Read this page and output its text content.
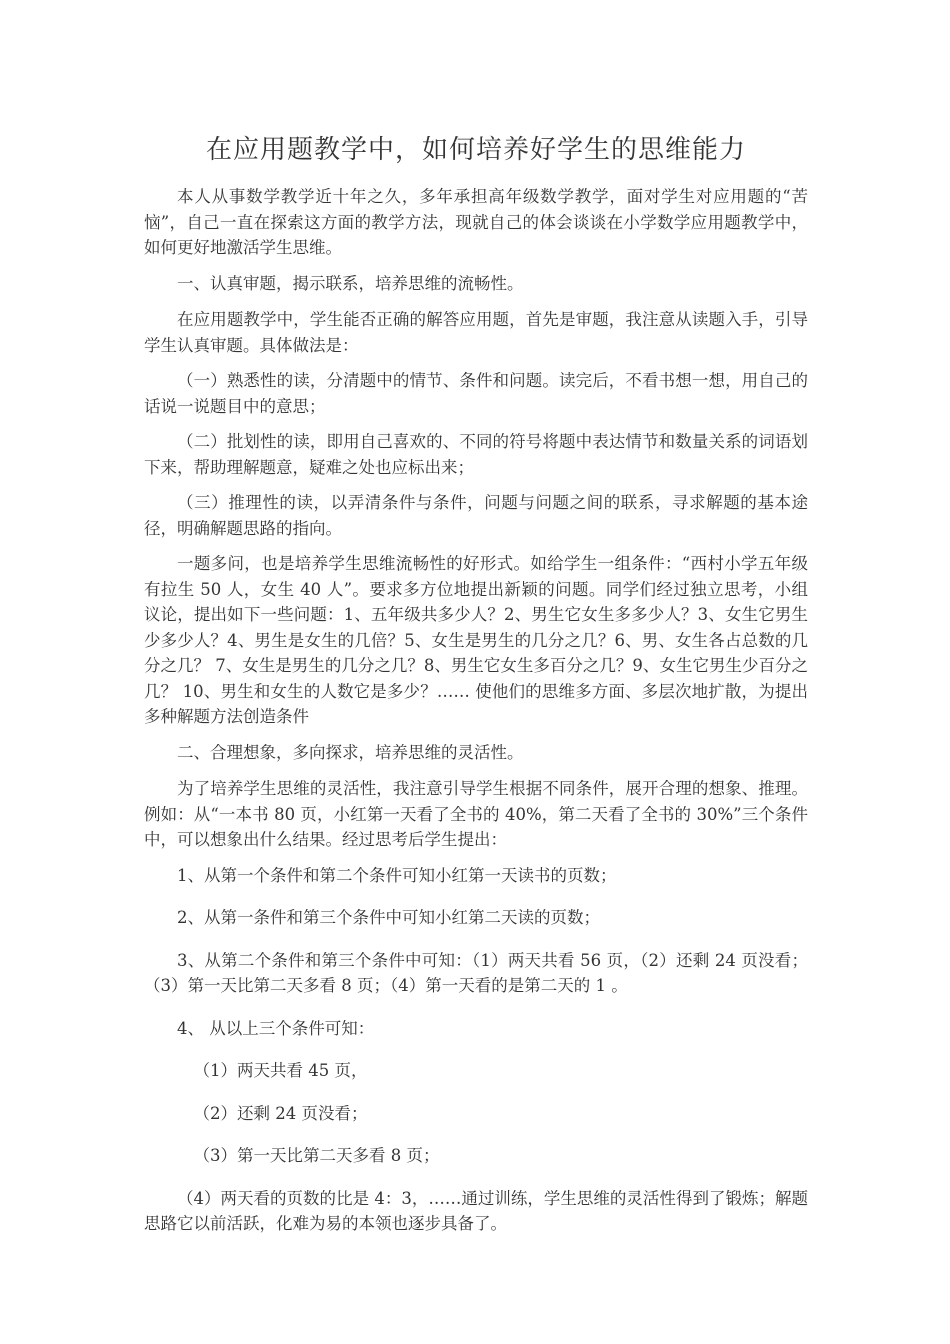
在应用题教学中，如何培养好学生的思维能力

本人从事数学教学近十年之久，多年承担高年级数学教学，面对学生对应用题的“苦恼”，自己一直在探索这方面的教学方法，现就自己的体会谈谈在小学数学应用题教学中，如何更好地激活学生思维。

一、认真审题，揭示联系，培养思维的流畅性。

在应用题教学中，学生能否正确的解答应用题，首先是审题，我注意从读题入手，引导学生认真审题。具体做法是：

（一）熟悉性的读，分清题中的情节、条件和问题。读完后，不看书想一想，用自己的话说一说题目中的意思；

（二）批划性的读，即用自己喜欢的、不同的符号将题中表达情节和数量关系的词语划下来，帮助理解题意，疑难之处也应标出来；

（三）推理性的读，以弄清条件与条件，问题与问题之间的联系，寻求解题的基本途径，明确解题思路的指向。

一题多问，也是培养学生思维流畅性的好形式。如给学生一组条件：“西村小学五年级有拉生 50 人，女生 40 人”。要求多方位地提出新颖的问题。同学们经过独立思考，小组议论，提出如下一些问题：1、五年级共多少人？2、男生它女生多多少人？3、女生它男生少多少人？4、男生是女生的几倍？5、女生是男生的几分之几？6、男、女生各占总数的几分之几？ 7、女生是男生的几分之几？8、男生它女生多百分之几？9、女生它男生少百分之几？ 10、男生和女生的人数它是多少？…… 使他们的思维多方面、多层次地扩散，为提出多种解题方法创造条件

二、合理想象，多向探求，培养思维的灵活性。

为了培养学生思维的灵活性，我注意引导学生根据不同条件，展开合理的想象、推理。例如：从“一本书 80 页，小红第一天看了全书的 40%，第二天看了全书的 30%”三个条件中，可以想象出什么结果。经过思考后学生提出：

1、从第一个条件和第二个条件可知小红第一天读书的页数；

2、从第一条件和第三个条件中可知小红第二天读的页数；

3、从第二个条件和第三个条件中可知：（1）两天共看 56 页，（2）还剩 24 页没看；（3）第一天比第二天多看 8 页；（4）第一天看的是第二天的 1 。

4、 从以上三个条件可知：

（1）两天共看 45 页，

（2）还剩 24 页没看；

（3）第一天比第二天多看 8 页；

（4）两天看的页数的比是 4：3，……通过训练，学生思维的灵活性得到了锻炼；解题思路它以前活跃，化难为易的本领也逐步具备了。
